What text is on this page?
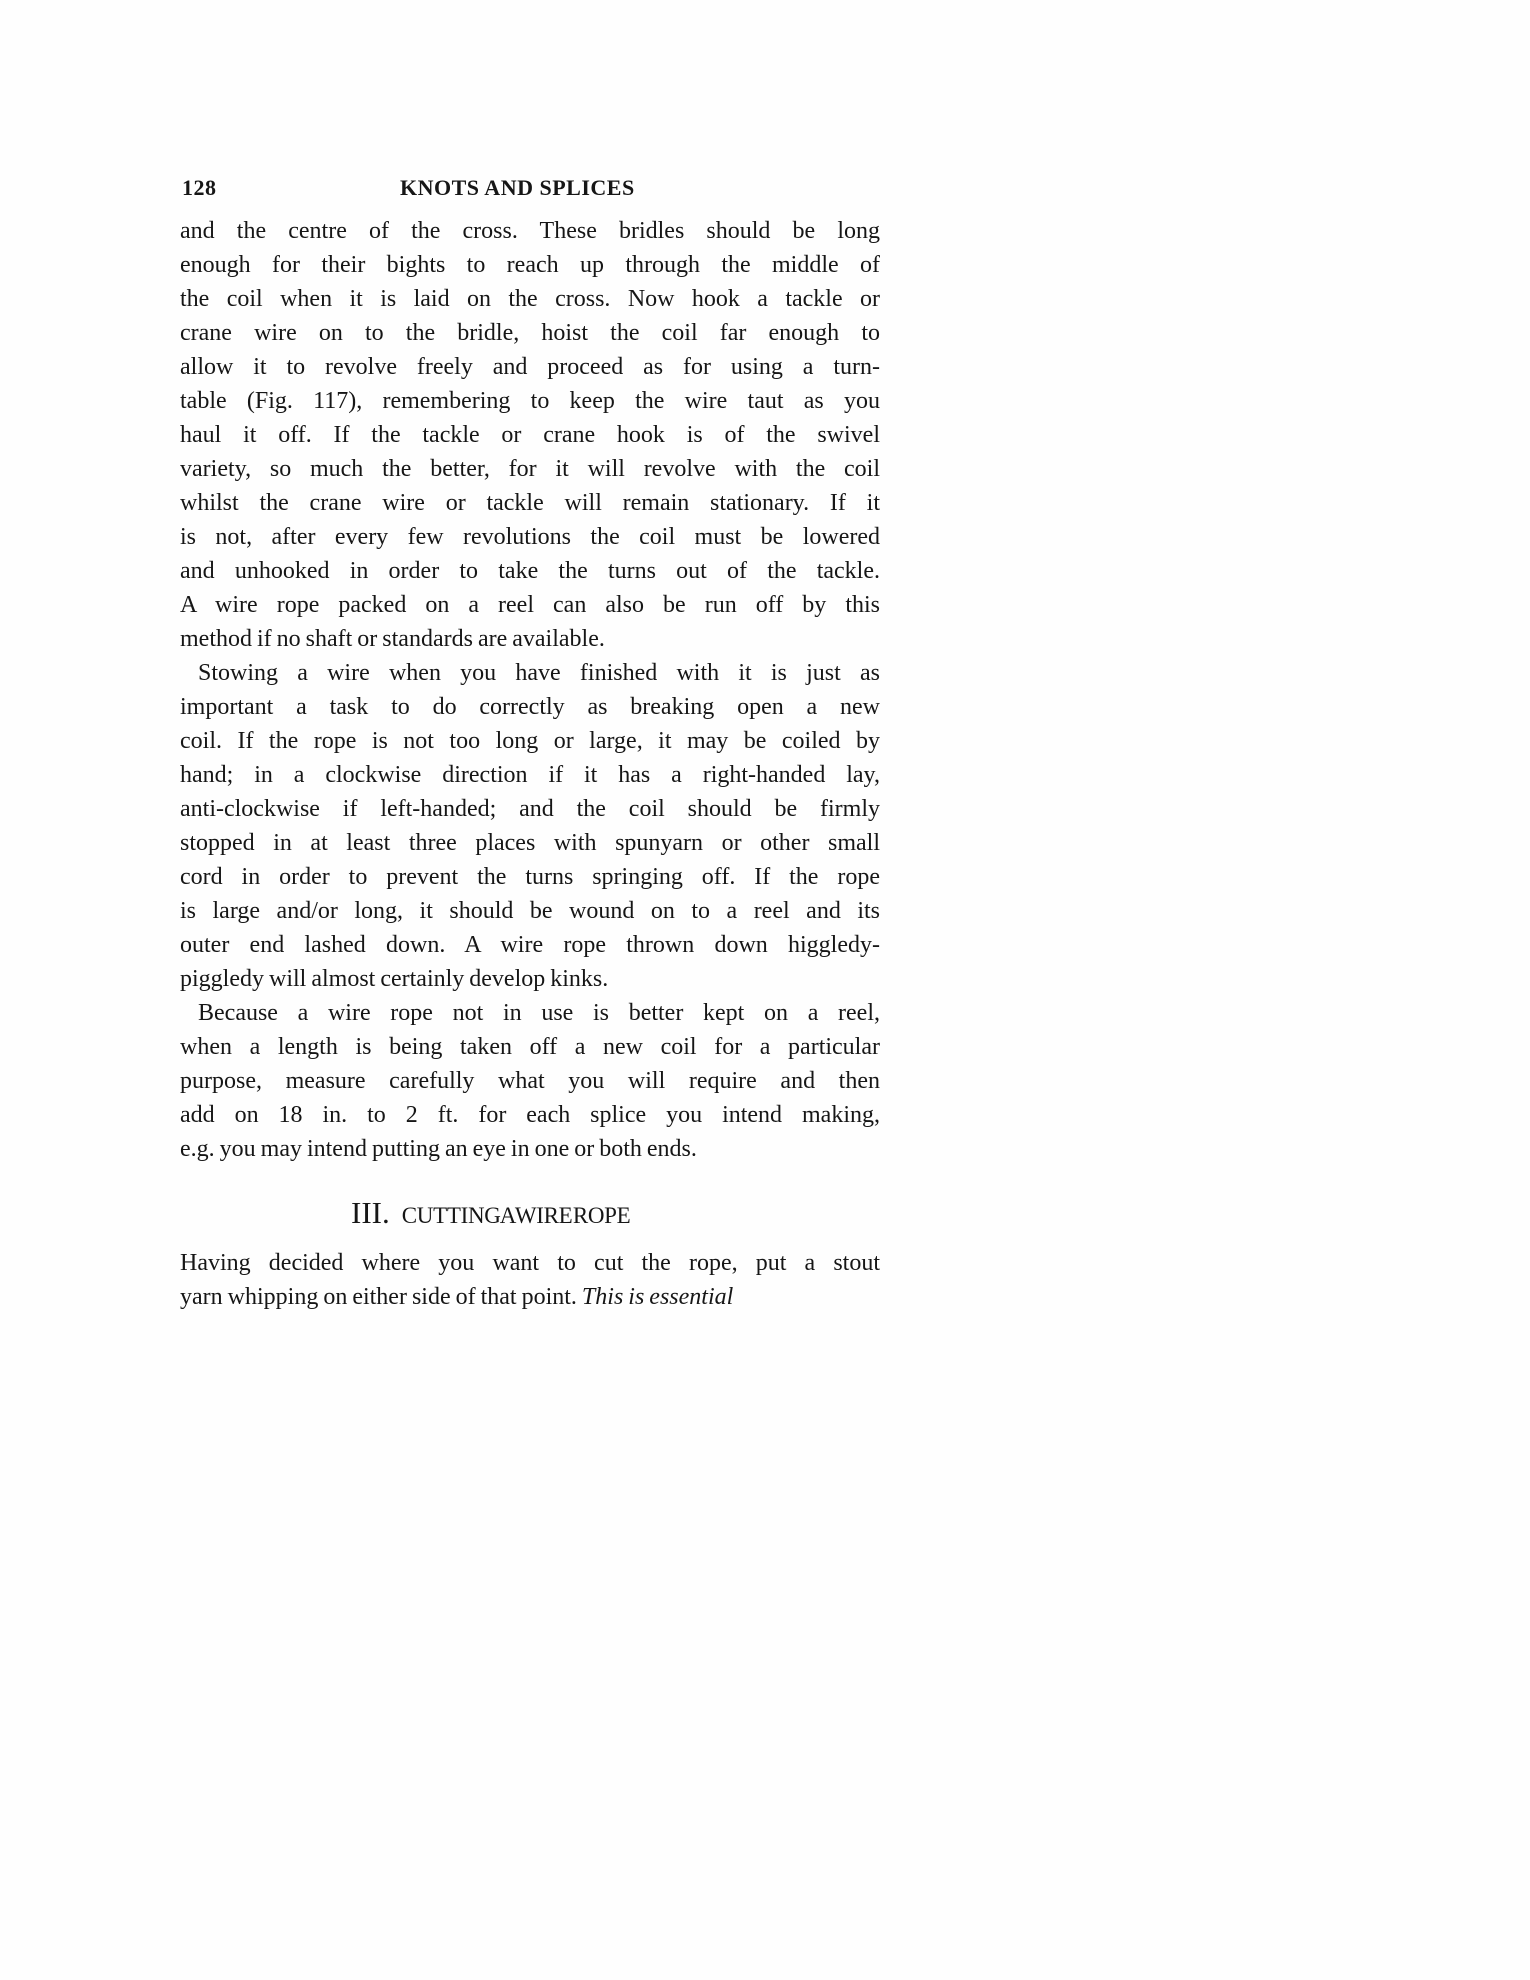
128	KNOTS AND SPLICES
and the centre of the cross. These bridles should be long
enough for their bights to reach up through the middle of
the coil when it is laid on the cross. Now hook a tackle or
crane wire on to the bridle, hoist the coil far enough to
allow it to revolve freely and proceed as for using a turn-
table (Fig. 117), remembering to keep the wire taut as you
haul it off. If the tackle or crane hook is of the swivel
variety, so much the better, for it will revolve with the coil
whilst the crane wire or tackle will remain stationary. If it
is not, after every few revolutions the coil must be lowered
and unhooked in order to take the turns out of the tackle.
A wire rope packed on a reel can also be run off by this
method if no shaft or standards are available.
Stowing a wire when you have finished with it is just as
important a task to do correctly as breaking open a new
coil. If the rope is not too long or large, it may be coiled by
hand; in a clockwise direction if it has a right-handed lay,
anti-clockwise if left-handed; and the coil should be firmly
stopped in at least three places with spunyarn or other small
cord in order to prevent the turns springing off. If the rope
is large and/or long, it should be wound on to a reel and its
outer end lashed down. A wire rope thrown down higgledy-
piggledy will almost certainly develop kinks.
Because a wire rope not in use is better kept on a reel,
when a length is being taken off a new coil for a particular
purpose, measure carefully what you will require and then
add on 18 in. to 2 ft. for each splice you intend making,
e.g. you may intend putting an eye in one or both ends.
III. CUTTING A WIRE ROPE
Having decided where you want to cut the rope, put a stout
yarn whipping on either side of that point. This is essential
